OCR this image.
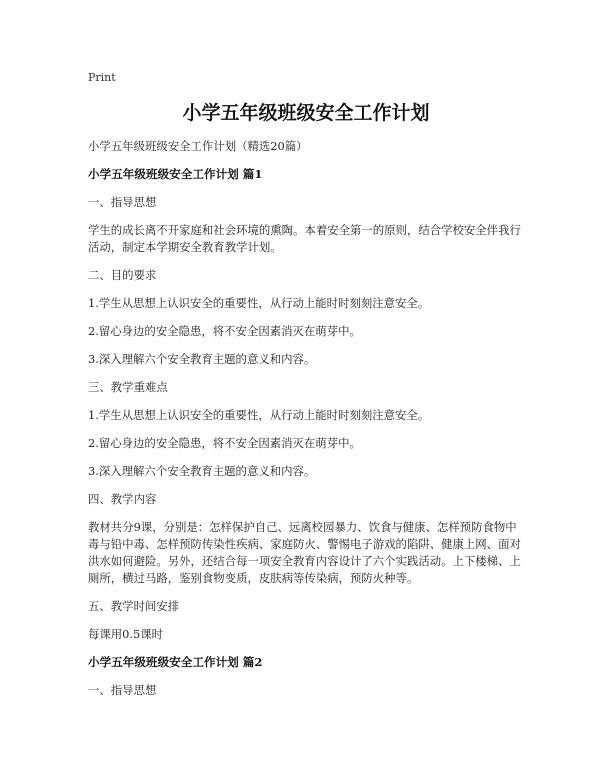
Print
小学五年级班级安全工作计划
小学五年级班级安全工作计划（精选20篇）
小学五年级班级安全工作计划 篇1
一、指导思想
学生的成长离不开家庭和社会环境的熏陶。本着安全第一的原则，结合学校安全伴我行活动，制定本学期安全教育教学计划。
二、目的要求
1.学生从思想上认识安全的重要性，从行动上能时时刻刻注意安全。
2.留心身边的安全隐患，将不安全因素消灭在萌芽中。
3.深入理解六个安全教育主题的意义和内容。
三、教学重难点
1.学生从思想上认识安全的重要性，从行动上能时时刻刻注意安全。
2.留心身边的安全隐患，将不安全因素消灭在萌芽中。
3.深入理解六个安全教育主题的意义和内容。
四、教学内容
教材共分9课，分别是：怎样保护自己、远离校园暴力、饮食与健康、怎样预防食物中毒与铅中毒、怎样预防传染性疾病、家庭防火、警惕电子游戏的陷阱、健康上网、面对洪水如何避险。另外，还结合每一项安全教育内容设计了六个实践活动。上下楼梯、上厕所，横过马路，鉴别食物变质，皮肤病等传染病，预防火种等。
五、教学时间安排
每课用0.5课时
小学五年级班级安全工作计划 篇2
一、指导思想
